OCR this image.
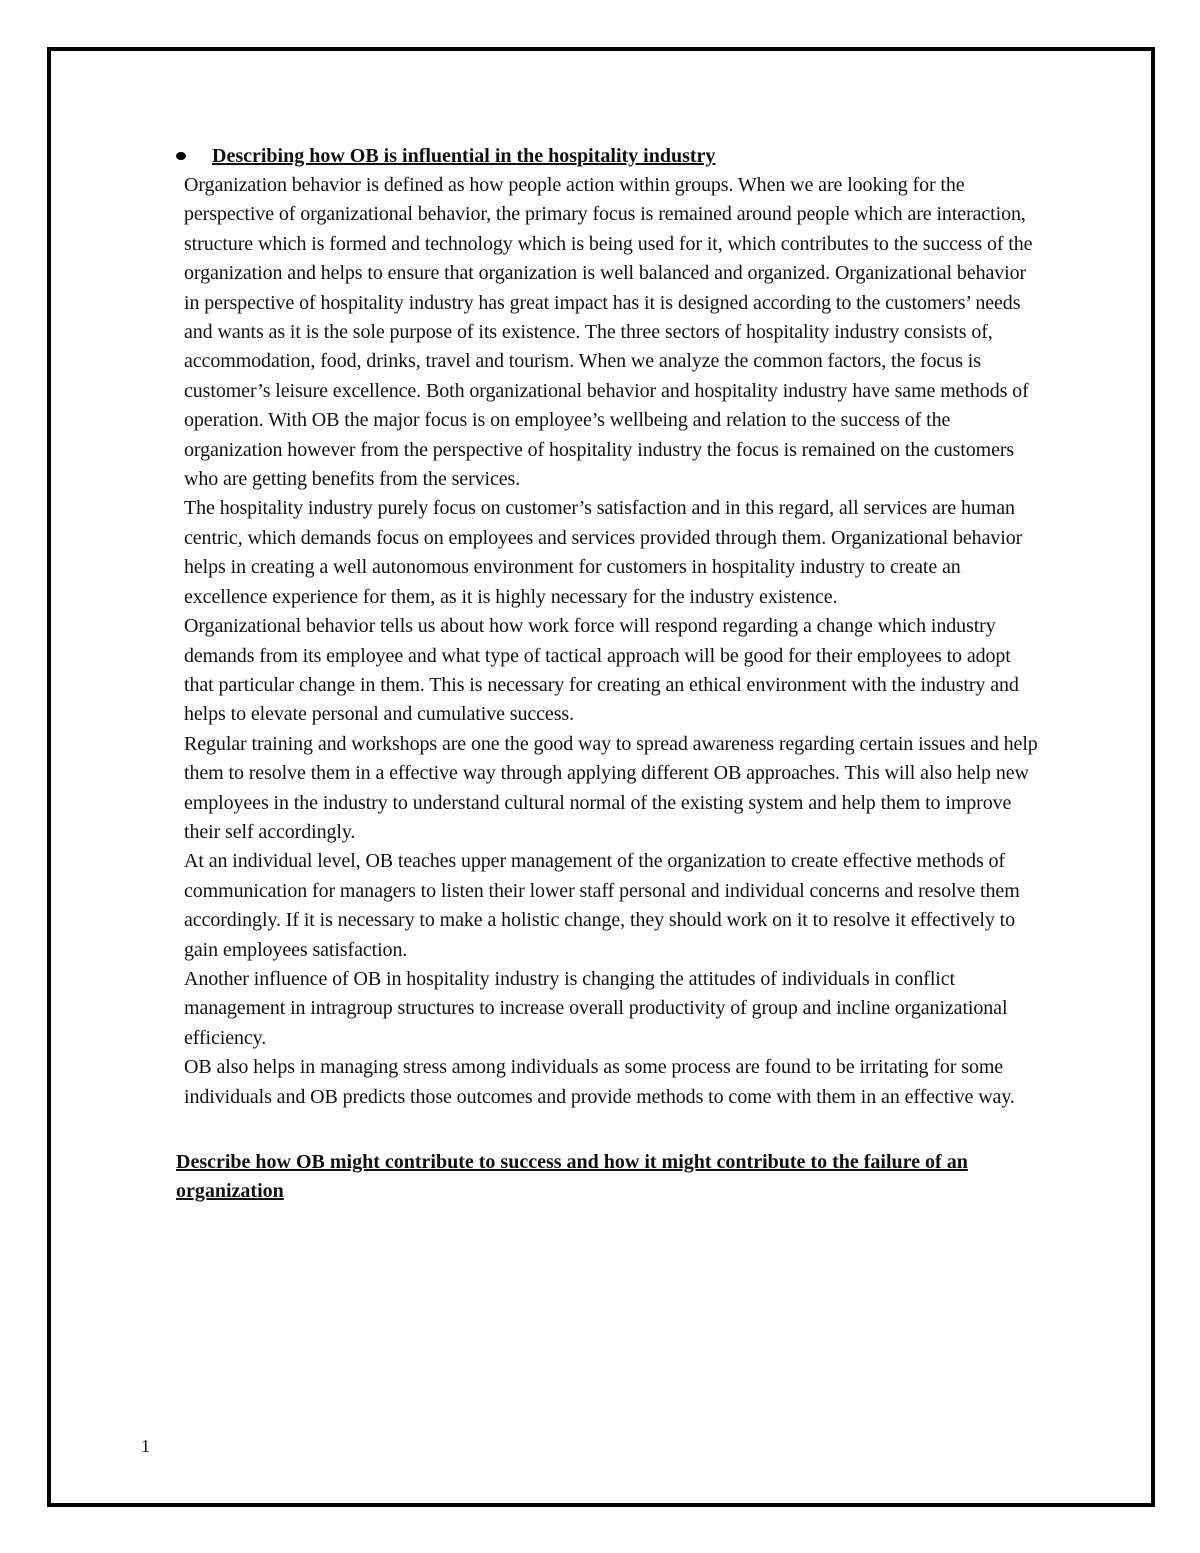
Describing how OB is influential in the hospitality industry

Organization behavior is defined as how people action within groups. When we are looking for the perspective of organizational behavior, the primary focus is remained around people which are interaction, structure which is formed and technology which is being used for it, which contributes to the success of the organization and helps to ensure that organization is well balanced and organized. Organizational behavior in perspective of hospitality industry has great impact has it is designed according to the customers’ needs and wants as it is the sole purpose of its existence. The three sectors of hospitality industry consists of, accommodation, food, drinks, travel and tourism. When we analyze the common factors, the focus is customer’s leisure excellence. Both organizational behavior and hospitality industry have same methods of operation. With OB the major focus is on employee’s wellbeing and relation to the success of the organization however from the perspective of hospitality industry the focus is remained on the customers who are getting benefits from the services.

The hospitality industry purely focus on customer’s satisfaction and in this regard, all services are human centric, which demands focus on employees and services provided through them. Organizational behavior helps in creating a well autonomous environment for customers in hospitality industry to create an excellence experience for them, as it is highly necessary for the industry existence.

Organizational behavior tells us about how work force will respond regarding a change which industry demands from its employee and what type of tactical approach will be good for their employees to adopt that particular change in them. This is necessary for creating an ethical environment with the industry and helps to elevate personal and cumulative success.

Regular training and workshops are one the good way to spread awareness regarding certain issues and help them to resolve them in a effective way through applying different OB approaches. This will also help new employees in the industry to understand cultural normal of the existing system and help them to improve their self accordingly.

At an individual level, OB teaches upper management of the organization to create effective methods of communication for managers to listen their lower staff personal and individual concerns and resolve them accordingly. If it is necessary to make a holistic change, they should work on it to resolve it effectively to gain employees satisfaction.

Another influence of OB in hospitality industry is changing the attitudes of individuals in conflict management in intragroup structures to increase overall productivity of group and incline organizational efficiency.

OB also helps in managing stress among individuals as some process are found to be irritating for some individuals and OB predicts those outcomes and provide methods to come with them in an effective way.

Describe how OB might contribute to success and how it might contribute to the failure of an organization
1
